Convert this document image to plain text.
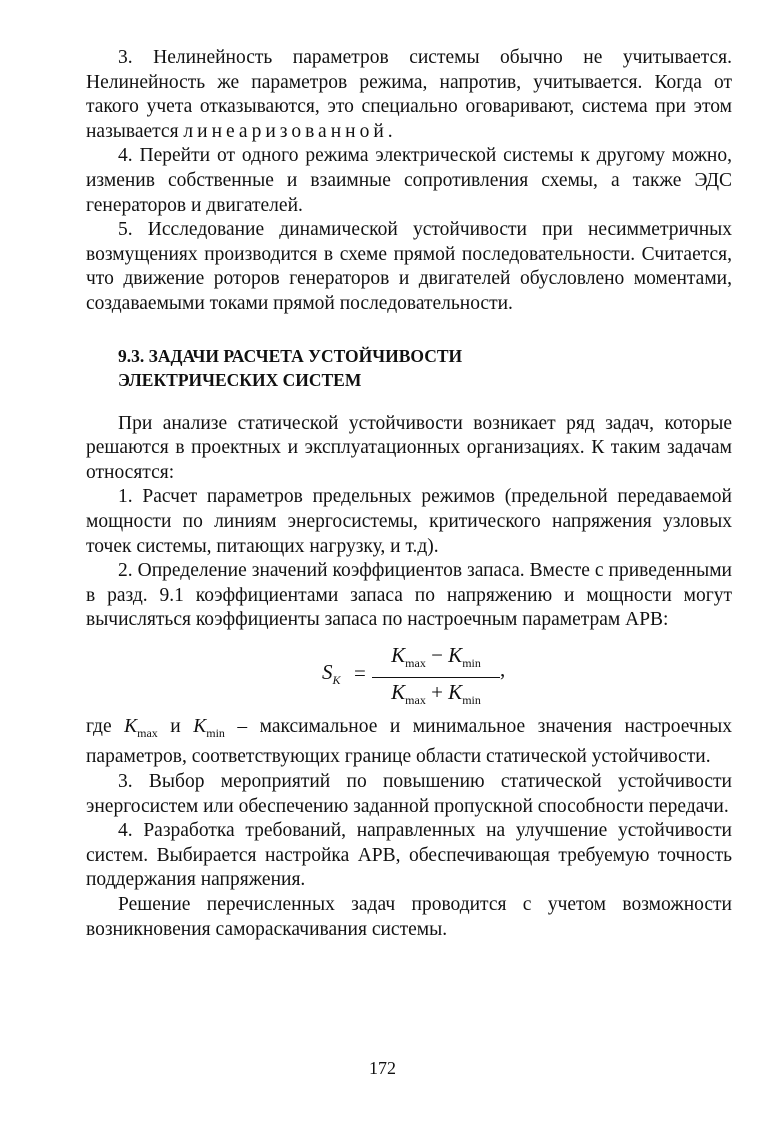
3. Нелинейность параметров системы обычно не учитывается. Нелинейность же параметров режима, напротив, учитывается. Когда от такого учета отказываются, это специально оговаривают, система при этом называется линеаризованной.

4. Перейти от одного режима электрической системы к другому можно, изменив собственные и взаимные сопротивления схемы, а также ЭДС генераторов и двигателей.

5. Исследование динамической устойчивости при несимметричных возмущениях производится в схеме прямой последовательности. Считается, что движение роторов генераторов и двигателей обусловлено моментами, создаваемыми токами прямой последовательности.

9.3. ЗАДАЧИ РАСЧЕТА УСТОЙЧИВОСТИ
ЭЛЕКТРИЧЕСКИХ СИСТЕМ

При анализе статической устойчивости возникает ряд задач, которые решаются в проектных и эксплуатационных организациях. К таким задачам относятся:

1. Расчет параметров предельных режимов (предельной передаваемой мощности по линиям энергосистемы, критического напряжения узловых точек системы, питающих нагрузку, и т.д).

2. Определение значений коэффициентов запаса. Вместе с приведенными в разд. 9.1 коэффициентами запаса по напряжению и мощности могут вычисляться коэффициенты запаса по настроечным параметрам АРВ:

$S_K$ =
$K_{max} - K_{min}$
$K_{max} + K_{min}$
,

где $K_{max}$ и $K_{min}$ – максимальное и минимальное значения настроечных параметров, соответствующих границе области статической устойчивости.

3. Выбор мероприятий по повышению статической устойчивости энергосистем или обеспечению заданной пропускной способности передачи.

4. Разработка требований, направленных на улучшение устойчивости систем. Выбирается настройка АРВ, обеспечивающая требуемую точность поддержания напряжения.

Решение перечисленных задач проводится с учетом возможности возникновения самораскачивания системы.

172
